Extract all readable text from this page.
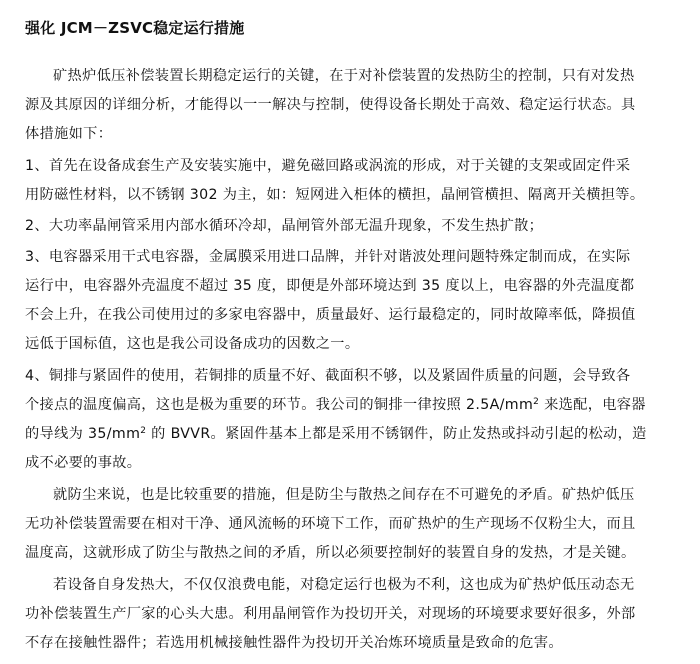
强化 JCM－ZSVC稳定运行措施
矿热炉低压补偿装置长期稳定运行的关键，在于对补偿装置的发热防尘的控制，只有对发热
源及其原因的详细分析，才能得以一一解决与控制，使得设备长期处于高效、稳定运行状态。具
体措施如下：
1、首先在设备成套生产及安装实施中，避免磁回路或涡流的形成，对于关键的支架或固定件采
用防磁性材料，以不锈钢 302 为主，如：短网进入柜体的横担，晶闸管横担、隔离开关横担等。
2、大功率晶闸管采用内部水循环冷却，晶闸管外部无温升现象，不发生热扩散；
3、电容器采用干式电容器，金属膜采用进口品牌，并针对谐波处理问题特殊定制而成，在实际
运行中，电容器外壳温度不超过 35 度，即便是外部环境达到 35 度以上，电容器的外壳温度都
不会上升，在我公司使用过的多家电容器中，质量最好、运行最稳定的，同时故障率低，降损值
远低于国标值，这也是我公司设备成功的因数之一。
4、铜排与紧固件的使用，若铜排的质量不好、截面积不够，以及紧固件质量的问题，会导致各
个接点的温度偏高，这也是极为重要的环节。我公司的铜排一律按照 $2.5A/mm^2$ 来选配，电容器
的导线为 $35/mm^2$ 的 BVVR。紧固件基本上都是采用不锈钢件，防止发热或抖动引起的松动，造
成不必要的事故。
就防尘来说，也是比较重要的措施，但是防尘与散热之间存在不可避免的矛盾。矿热炉低压
无功补偿装置需要在相对干净、通风流畅的环境下工作，而矿热炉的生产现场不仅粉尘大，而且
温度高，这就形成了防尘与散热之间的矛盾，所以必须要控制好的装置自身的发热，才是关键。
若设备自身发热大，不仅仅浪费电能，对稳定运行也极为不利，这也成为矿热炉低压动态无
功补偿装置生产厂家的心头大患。利用晶闸管作为投切开关，对现场的环境要求要好很多，外部
不存在接触性器件；若选用机械接触性器件为投切开关冶炼环境质量是致命的危害。
